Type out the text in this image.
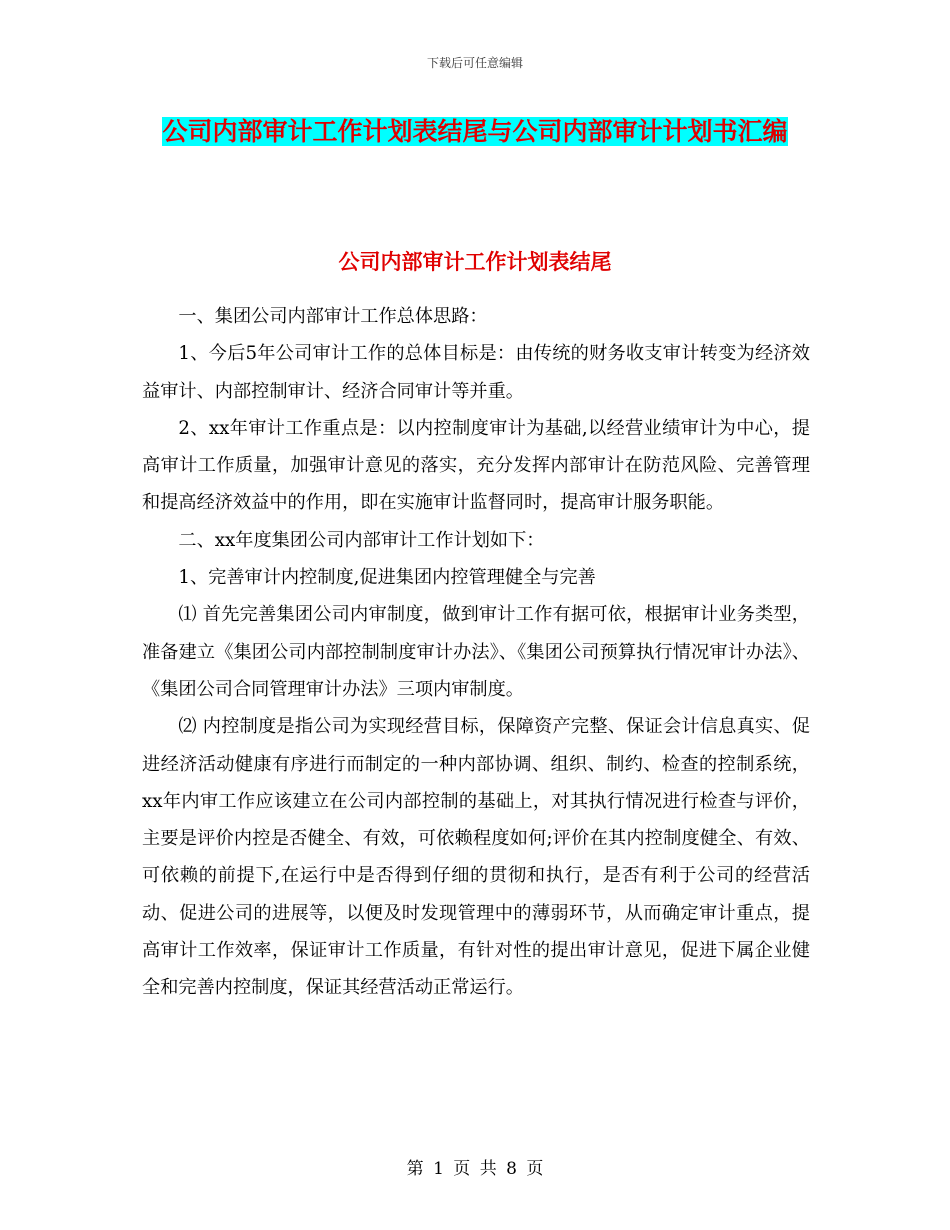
下载后可任意编辑
公司内部审计工作计划表结尾与公司内部审计计划书汇编
公司内部审计工作计划表结尾

一、集团公司内部审计工作总体思路：

1、今后5年公司审计工作的总体目标是：由传统的财务收支审计转变为经济效益审计、内部控制审计、经济合同审计等并重。

2、xx年审计工作重点是：以内控制度审计为基础,以经营业绩审计为中心，提高审计工作质量，加强审计意见的落实，充分发挥内部审计在防范风险、完善管理和提高经济效益中的作用，即在实施审计监督同时，提高审计服务职能。

二、xx年度集团公司内部审计工作计划如下：

1、完善审计内控制度,促进集团内控管理健全与完善

⑴ 首先完善集团公司内审制度，做到审计工作有据可依，根据审计业务类型，准备建立《集团公司内部控制制度审计办法》、《集团公司预算执行情况审计办法》、《集团公司合同管理审计办法》三项内审制度。

⑵ 内控制度是指公司为实现经营目标，保障资产完整、保证会计信息真实、促进经济活动健康有序进行而制定的一种内部协调、组织、制约、检查的控制系统，xx年内审工作应该建立在公司内部控制的基础上，对其执行情况进行检查与评价，主要是评价内控是否健全、有效，可依赖程度如何;评价在其内控制度健全、有效、可依赖的前提下,在运行中是否得到仔细的贯彻和执行，是否有利于公司的经营活动、促进公司的进展等，以便及时发现管理中的薄弱环节，从而确定审计重点，提高审计工作效率，保证审计工作质量，有针对性的提出审计意见，促进下属企业健全和完善内控制度，保证其经营活动正常运行。

第 1 页 共 8 页
